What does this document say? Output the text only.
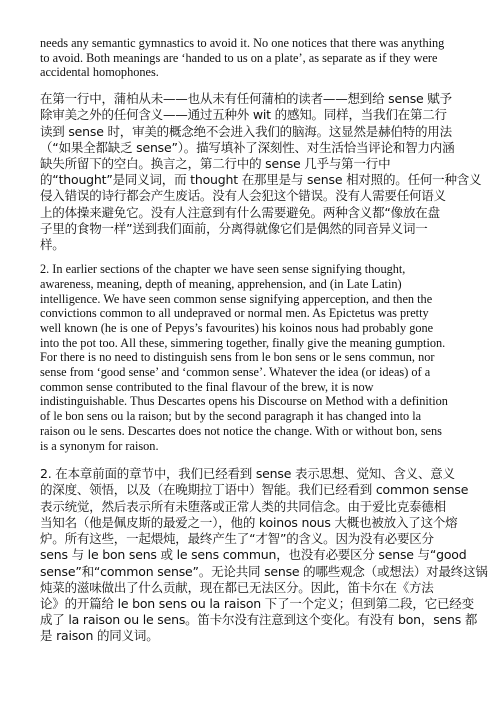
needs any semantic gymnastics to avoid it. No one notices that there was anything
to avoid. Both meanings are ‘handed to us on a plate’, as separate as if they were
accidental homophones.
在第一行中，蒲柏从未——也从未有任何蒲柏的读者——想到给 sense 赋予
除审美之外的任何含义——通过五种外 wit 的感知。同样，当我们在第二行
读到 sense 时，审美的概念绝不会进入我们的脑海。这显然是赫伯特的用法
（“如果全都缺乏 sense”）。描写填补了深刻性、对生活恰当评论和智力内涵
缺失所留下的空白。换言之，第二行中的 sense 几乎与第一行中
的“thought”是同义词，而 thought 在那里是与 sense 相对照的。任何一种含义
侵入错误的诗行都会产生废话。没有人会犯这个错误。没有人需要任何语义
上的体操来避免它。没有人注意到有什么需要避免。两种含义都“像放在盘
子里的食物一样”送到我们面前，分离得就像它们是偶然的同音异义词一
样。
2. In earlier sections of the chapter we have seen sense signifying thought,
awareness, meaning, depth of meaning, apprehension, and (in Late Latin)
intelligence. We have seen common sense signifying apperception, and then the
convictions common to all undepraved or normal men. As Epictetus was pretty
well known (he is one of Pepys’s favourites) his koinos nous had probably gone
into the pot too. All these, simmering together, finally give the meaning gumption.
For there is no need to distinguish sens from le bon sens or le sens commun, nor
sense from ‘good sense’ and ‘common sense’. Whatever the idea (or ideas) of a
common sense contributed to the final flavour of the brew, it is now
indistinguishable. Thus Descartes opens his Discourse on Method with a definition
of le bon sens ou la raison; but by the second paragraph it has changed into la
raison ou le sens. Descartes does not notice the change. With or without bon, sens
is a synonym for raison.
2. 在本章前面的章节中，我们已经看到 sense 表示思想、觉知、含义、意义
的深度、领悟，以及（在晚期拉丁语中）智能。我们已经看到 common sense
表示统觉，然后表示所有未堕落或正常人类的共同信念。由于爱比克泰德相
当知名（他是佩皮斯的最爱之一），他的 koinos nous 大概也被放入了这个熔
炉。所有这些，一起煨炖，最终产生了“才智”的含义。因为没有必要区分
sens 与 le bon sens 或 le sens commun，也没有必要区分 sense 与“good
sense”和“common sense”。无论共同 sense 的哪些观念（或想法）对最终这锅
炖菜的滋味做出了什么贡献，现在都已无法区分。因此，笛卡尔在《方法
论》的开篇给 le bon sens ou la raison 下了一个定义；但到第二段，它已经变
成了 la raison ou le sens。笛卡尔没有注意到这个变化。有没有 bon，sens 都
是 raison 的同义词。
